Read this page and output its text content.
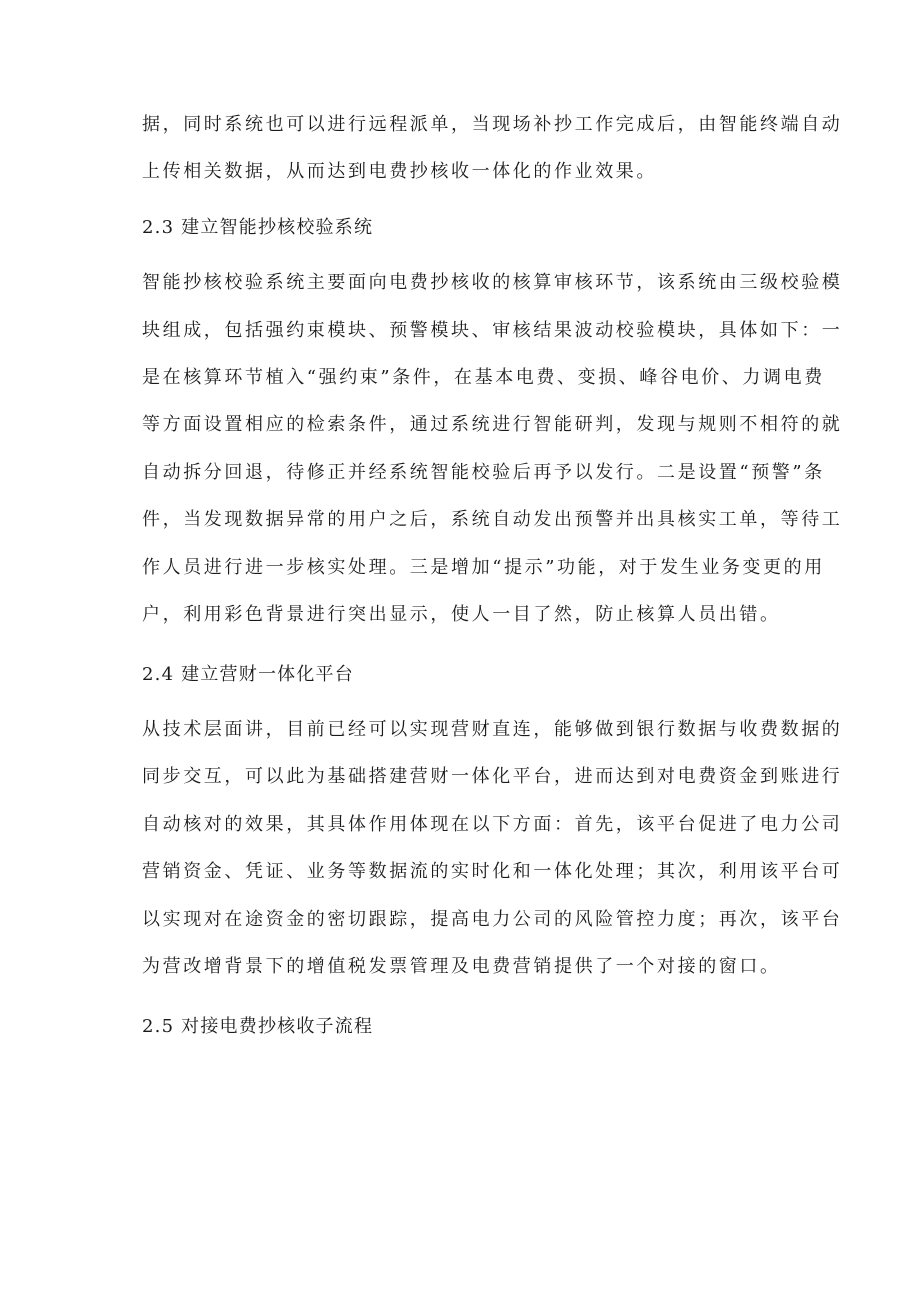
据，同时系统也可以进行远程派单，当现场补抄工作完成后，由智能终端自动
上传相关数据，从而达到电费抄核收一体化的作业效果。
2.3 建立智能抄核校验系统
智能抄核校验系统主要面向电费抄核收的核算审核环节，该系统由三级校验模
块组成，包括强约束模块、预警模块、审核结果波动校验模块，具体如下：一
是在核算环节植入“强约束”条件，在基本电费、变损、峰谷电价、力调电费
等方面设置相应的检索条件，通过系统进行智能研判，发现与规则不相符的就
自动拆分回退，待修正并经系统智能校验后再予以发行。二是设置“预警”条
件，当发现数据异常的用户之后，系统自动发出预警并出具核实工单，等待工
作人员进行进一步核实处理。三是增加“提示”功能，对于发生业务变更的用
户，利用彩色背景进行突出显示，使人一目了然，防止核算人员出错。
2.4 建立营财一体化平台
从技术层面讲，目前已经可以实现营财直连，能够做到银行数据与收费数据的
同步交互，可以此为基础搭建营财一体化平台，进而达到对电费资金到账进行
自动核对的效果，其具体作用体现在以下方面：首先，该平台促进了电力公司
营销资金、凭证、业务等数据流的实时化和一体化处理；其次，利用该平台可
以实现对在途资金的密切跟踪，提高电力公司的风险管控力度；再次，该平台
为营改增背景下的增值税发票管理及电费营销提供了一个对接的窗口。
2.5 对接电费抄核收子流程
